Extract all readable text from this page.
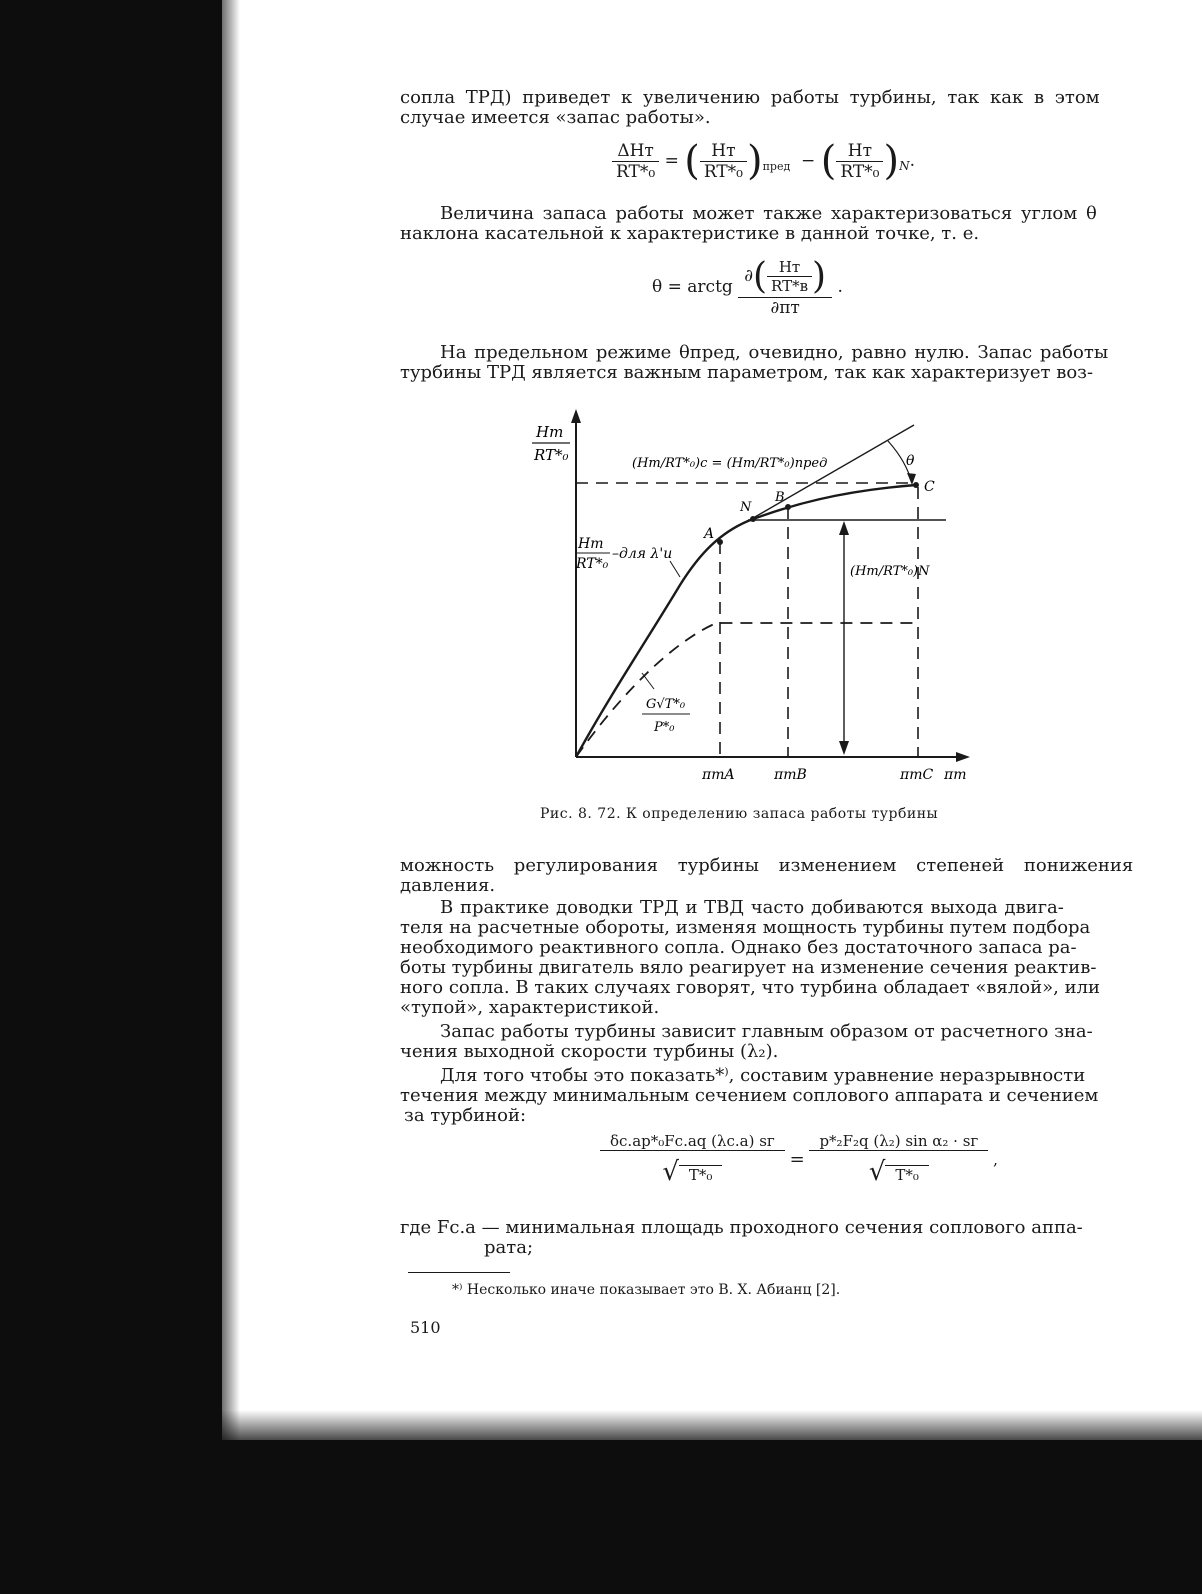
сопла ТРД) приведет к увеличению работы турбины, так как в этом
случае имеется «запас работы».
$\frac{\text{ΔHт}}{\text{RT*₀}}$ = ( $\frac{Hт}{\text{RT*₀}} )_{пред}$  − ( $\frac{Hт}{\text{RT*₀}} )_N$.
Величина запаса работы может также характеризоваться углом θ
наклона касательной к характеристике в данной точке, т. е.
θ = arctg $\frac{\partial( \frac{Hт}{RT*в} )}{\partial\pi т}$ .
На предельном режиме θпред, очевидно, равно нулю. Запас работы
турбины ТРД является важным параметром, так как характеризует воз-
Hт
RT*₀	(Hт/RT*₀)c = (Hт/RT*₀)пред	θ
A
N
B
C
(Hт/RT*₀)N
Hт
RT*₀
–для λ'и
G√T*₀
P*₀
πтA	πтB	πтC πт
Рис. 8. 72. К определению запаса работы турбины
можность регулирования турбины изменением степеней понижения
давления.
В практике доводки ТРД и ТВД часто добиваются выхода двига-
теля на расчетные обороты, изменяя мощность турбины путем подбора
необходимого реактивного сопла. Однако без достаточного запаса ра-
боты турбины двигатель вяло реагирует на изменение сечения реактив-
ного сопла. В таких случаях говорят, что турбина обладает «вялой», или
«тупой», характеристикой.
Запас работы турбины зависит главным образом от расчетного зна-
чения выходной скорости турбины (λ₂).
Для того чтобы это показать*⁾, составим уравнение неразрывности
течения между минимальным сечением соплового аппарата и сечением
за турбиной:
$\frac{\text{δс.аp*₀Fс.аq (λс.а) sг}}{\text{√ T*₀}} = \frac{\text{p*₂F₂q (λ₂) sin α₂ · sг}}{\text{√ T*₀}}$ ,
где Fс.а — минимальная площадь проходного сечения соплового аппа-
рата;
*⁾ Несколько иначе показывает это В. Х. Абианц [2].
510
